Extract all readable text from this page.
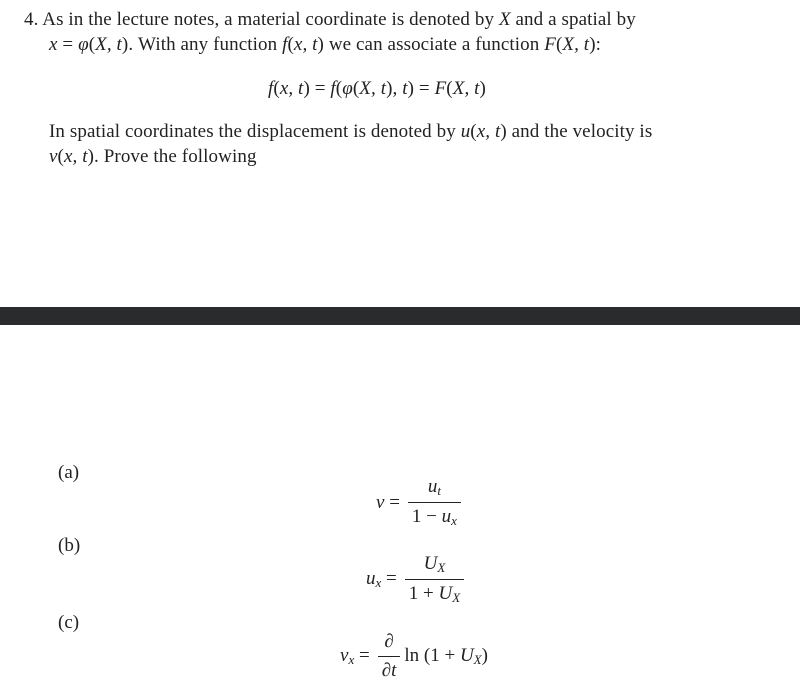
4. As in the lecture notes, a material coordinate is denoted by X and a spatial by
x = φ(X, t). With any function f(x, t) we can associate a function F(X, t):
f(x, t) = f(φ(X, t), t) = F(X, t)
In spatial coordinates the displacement is denoted by u(x, t) and the velocity is
v(x, t). Prove the following
(a)
$v = \frac{u_t}{1 - u_x}$
(b)
$u_x = \frac{U_X}{1 + U_X}$
(c)
$v_x = \frac{\partial}{\partial t}$ $\ln (1 + U_X)$
